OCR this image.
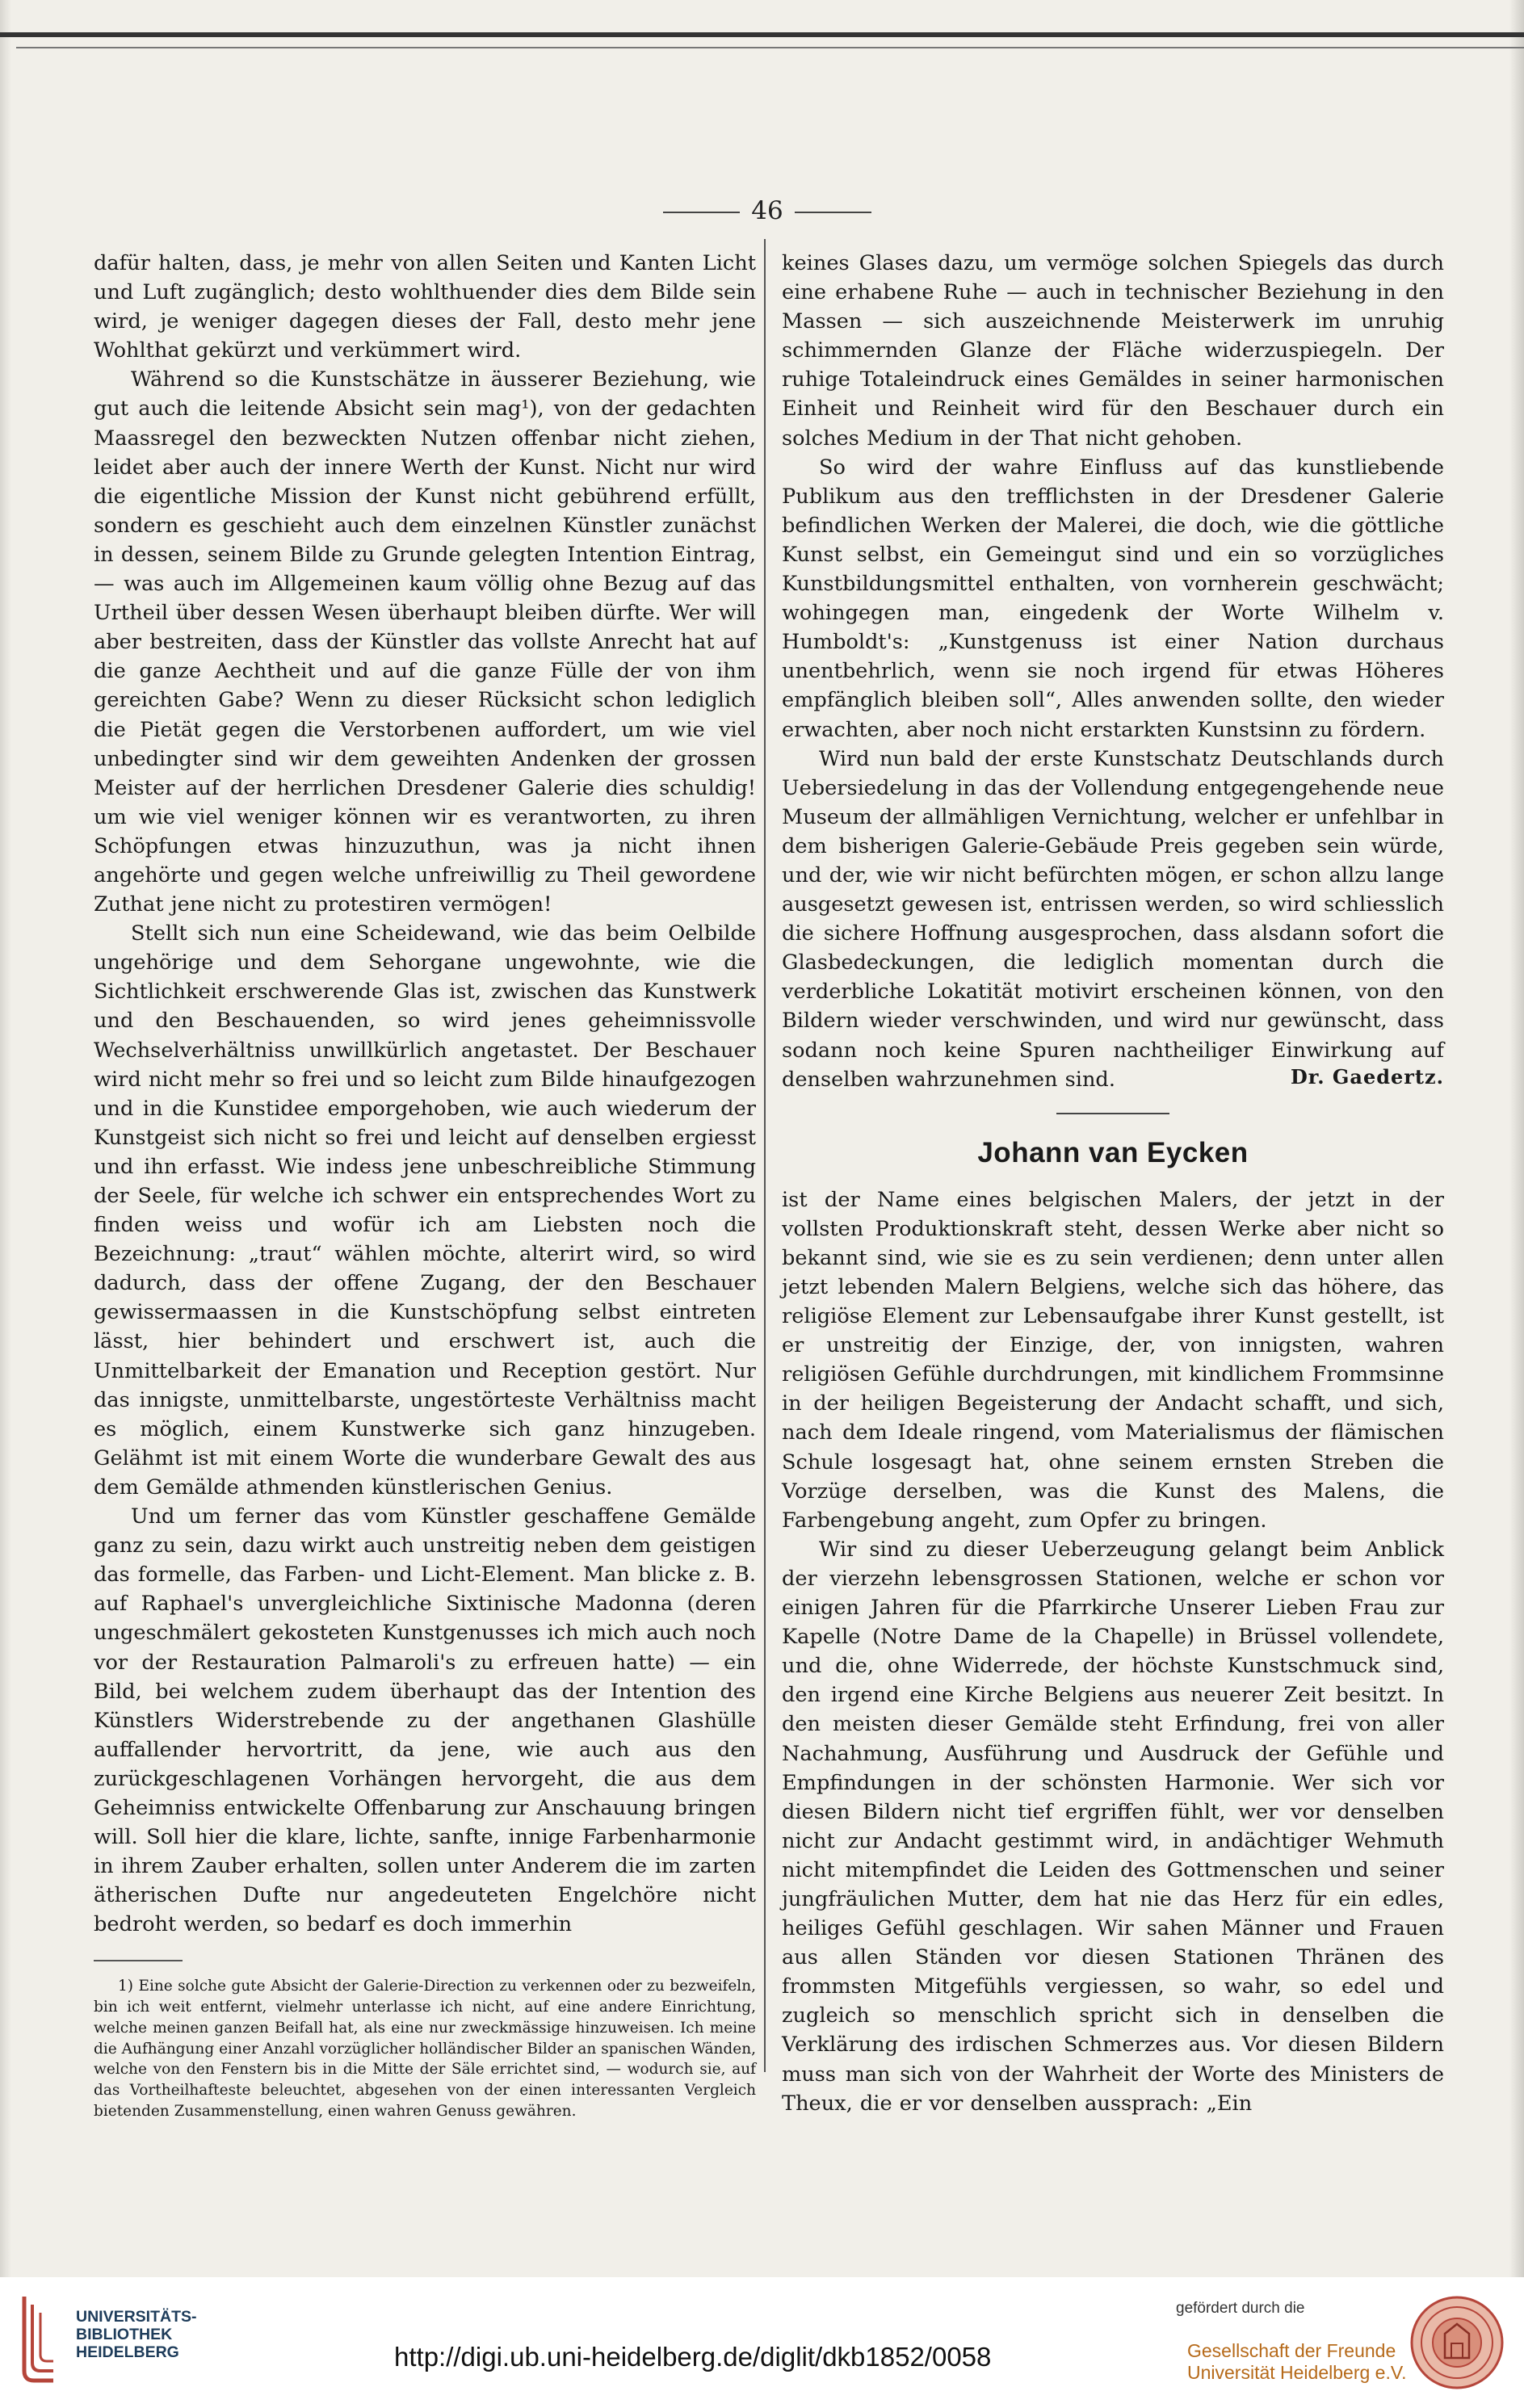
46

dafür halten, dass, je mehr von allen Seiten und Kanten Licht und Luft zugänglich; desto wohlthuender dies dem Bilde sein wird, je weniger dagegen dieses der Fall, desto mehr jene Wohlthat gekürzt und verkümmert wird.

Während so die Kunstschätze in äusserer Beziehung, wie gut auch die leitende Absicht sein mag¹), von der gedachten Maassregel den bezweckten Nutzen offenbar nicht ziehen, leidet aber auch der innere Werth der Kunst. Nicht nur wird die eigentliche Mission der Kunst nicht gebührend erfüllt, sondern es geschieht auch dem einzelnen Künstler zunächst in dessen, seinem Bilde zu Grunde gelegten Intention Eintrag, — was auch im Allgemeinen kaum völlig ohne Bezug auf das Urtheil über dessen Wesen überhaupt bleiben dürfte. Wer will aber bestreiten, dass der Künstler das vollste Anrecht hat auf die ganze Aechtheit und auf die ganze Fülle der von ihm gereichten Gabe? Wenn zu dieser Rücksicht schon lediglich die Pietät gegen die Verstorbenen auffordert, um wie viel unbedingter sind wir dem geweihten Andenken der grossen Meister auf der herrlichen Dresdener Galerie dies schuldig! um wie viel weniger können wir es verantworten, zu ihren Schöpfungen etwas hinzuzuthun, was ja nicht ihnen angehörte und gegen welche unfreiwillig zu Theil gewordene Zuthat jene nicht zu protestiren vermögen!

Stellt sich nun eine Scheidewand, wie das beim Oelbilde ungehörige und dem Sehorgane ungewohnte, wie die Sichtlichkeit erschwerende Glas ist, zwischen das Kunstwerk und den Beschauenden, so wird jenes geheimnissvolle Wechselverhältniss unwillkürlich angetastet. Der Beschauer wird nicht mehr so frei und so leicht zum Bilde hinaufgezogen und in die Kunstidee emporgehoben, wie auch wiederum der Kunstgeist sich nicht so frei und leicht auf denselben ergiesst und ihn erfasst. Wie indess jene unbeschreibliche Stimmung der Seele, für welche ich schwer ein entsprechendes Wort zu finden weiss und wofür ich am Liebsten noch die Bezeichnung: „traut“ wählen möchte, alterirt wird, so wird dadurch, dass der offene Zugang, der den Beschauer gewissermaassen in die Kunstschöpfung selbst eintreten lässt, hier behindert und erschwert ist, auch die Unmittelbarkeit der Emanation und Reception gestört. Nur das innigste, unmittelbarste, ungestörteste Verhältniss macht es möglich, einem Kunstwerke sich ganz hinzugeben. Gelähmt ist mit einem Worte die wunderbare Gewalt des aus dem Gemälde athmenden künstlerischen Genius.

Und um ferner das vom Künstler geschaffene Gemälde ganz zu sein, dazu wirkt auch unstreitig neben dem geistigen das formelle, das Farben- und Licht-Element. Man blicke z. B. auf Raphael's unvergleichliche Sixtinische Madonna (deren ungeschmälert gekosteten Kunstgenusses ich mich auch noch vor der Restauration Palmaroli's zu erfreuen hatte) — ein Bild, bei welchem zudem überhaupt das der Intention des Künstlers Widerstrebende zu der angethanen Glashülle auffallender hervortritt, da jene, wie auch aus den zurückgeschlagenen Vorhängen hervorgeht, die aus dem Geheimniss entwickelte Offenbarung zur Anschauung bringen will. Soll hier die klare, lichte, sanfte, innige Farbenharmonie in ihrem Zauber erhalten, sollen unter Anderem die im zarten ätherischen Dufte nur angedeuteten Engelchöre nicht bedroht werden, so bedarf es doch immerhin

1) Eine solche gute Absicht der Galerie-Direction zu verkennen oder zu bezweifeln, bin ich weit entfernt, vielmehr unterlasse ich nicht, auf eine andere Einrichtung, welche meinen ganzen Beifall hat, als eine nur zweckmässige hinzuweisen. Ich meine die Aufhängung einer Anzahl vorzüglicher holländischer Bilder an spanischen Wänden, welche von den Fenstern bis in die Mitte der Säle errichtet sind, — wodurch sie, auf das Vortheilhafteste beleuchtet, abgesehen von der einen interessanten Vergleich bietenden Zusammenstellung, einen wahren Genuss gewähren.

keines Glases dazu, um vermöge solchen Spiegels das durch eine erhabene Ruhe — auch in technischer Beziehung in den Massen — sich auszeichnende Meisterwerk im unruhig schimmernden Glanze der Fläche widerzuspiegeln. Der ruhige Totaleindruck eines Gemäldes in seiner harmonischen Einheit und Reinheit wird für den Beschauer durch ein solches Medium in der That nicht gehoben.

So wird der wahre Einfluss auf das kunstliebende Publikum aus den trefflichsten in der Dresdener Galerie befindlichen Werken der Malerei, die doch, wie die göttliche Kunst selbst, ein Gemeingut sind und ein so vorzügliches Kunstbildungsmittel enthalten, von vornherein geschwächt; wohingegen man, eingedenk der Worte Wilhelm v. Humboldt's: „Kunstgenuss ist einer Nation durchaus unentbehrlich, wenn sie noch irgend für etwas Höheres empfänglich bleiben soll“, Alles anwenden sollte, den wieder erwachten, aber noch nicht erstarkten Kunstsinn zu fördern.

Wird nun bald der erste Kunstschatz Deutschlands durch Uebersiedelung in das der Vollendung entgegengehende neue Museum der allmähligen Vernichtung, welcher er unfehlbar in dem bisherigen Galerie-Gebäude Preis gegeben sein würde, und der, wie wir nicht befürchten mögen, er schon allzu lange ausgesetzt gewesen ist, entrissen werden, so wird schliesslich die sichere Hoffnung ausgesprochen, dass alsdann sofort die Glasbedeckungen, die lediglich momentan durch die verderbliche Lokatität motivirt erscheinen können, von den Bildern wieder verschwinden, und wird nur gewünscht, dass sodann noch keine Spuren nachtheiliger Einwirkung auf denselben wahrzunehmen sind.	Dr. Gaedertz.
Johann van Eycken

ist der Name eines belgischen Malers, der jetzt in der vollsten Produktionskraft steht, dessen Werke aber nicht so bekannt sind, wie sie es zu sein verdienen; denn unter allen jetzt lebenden Malern Belgiens, welche sich das höhere, das religiöse Element zur Lebensaufgabe ihrer Kunst gestellt, ist er unstreitig der Einzige, der, von innigsten, wahren religiösen Gefühle durchdrungen, mit kindlichem Frommsinne in der heiligen Begeisterung der Andacht schafft, und sich, nach dem Ideale ringend, vom Materialismus der flämischen Schule losgesagt hat, ohne seinem ernsten Streben die Vorzüge derselben, was die Kunst des Malens, die Farbengebung angeht, zum Opfer zu bringen.

Wir sind zu dieser Ueberzeugung gelangt beim Anblick der vierzehn lebensgrossen Stationen, welche er schon vor einigen Jahren für die Pfarrkirche Unserer Lieben Frau zur Kapelle (Notre Dame de la Chapelle) in Brüssel vollendete, und die, ohne Widerrede, der höchste Kunstschmuck sind, den irgend eine Kirche Belgiens aus neuerer Zeit besitzt. In den meisten dieser Gemälde steht Erfindung, frei von aller Nachahmung, Ausführung und Ausdruck der Gefühle und Empfindungen in der schönsten Harmonie. Wer sich vor diesen Bildern nicht tief ergriffen fühlt, wer vor denselben nicht zur Andacht gestimmt wird, in andächtiger Wehmuth nicht mitempfindet die Leiden des Gottmenschen und seiner jungfräulichen Mutter, dem hat nie das Herz für ein edles, heiliges Gefühl geschlagen. Wir sahen Männer und Frauen aus allen Ständen vor diesen Stationen Thränen des frommsten Mitgefühls vergiessen, so wahr, so edel und zugleich so menschlich spricht sich in denselben die Verklärung des irdischen Schmerzes aus. Vor diesen Bildern muss man sich von der Wahrheit der Worte des Ministers de Theux, die er vor denselben aussprach: „Ein

UNIVERSITÄTS-
BIBLIOTHEK
HEIDELBERG	http://digi.ub.uni-heidelberg.de/diglit/dkb1852/0058
gefördert durch die
Gesellschaft der Freunde
Universität Heidelberg e.V.
